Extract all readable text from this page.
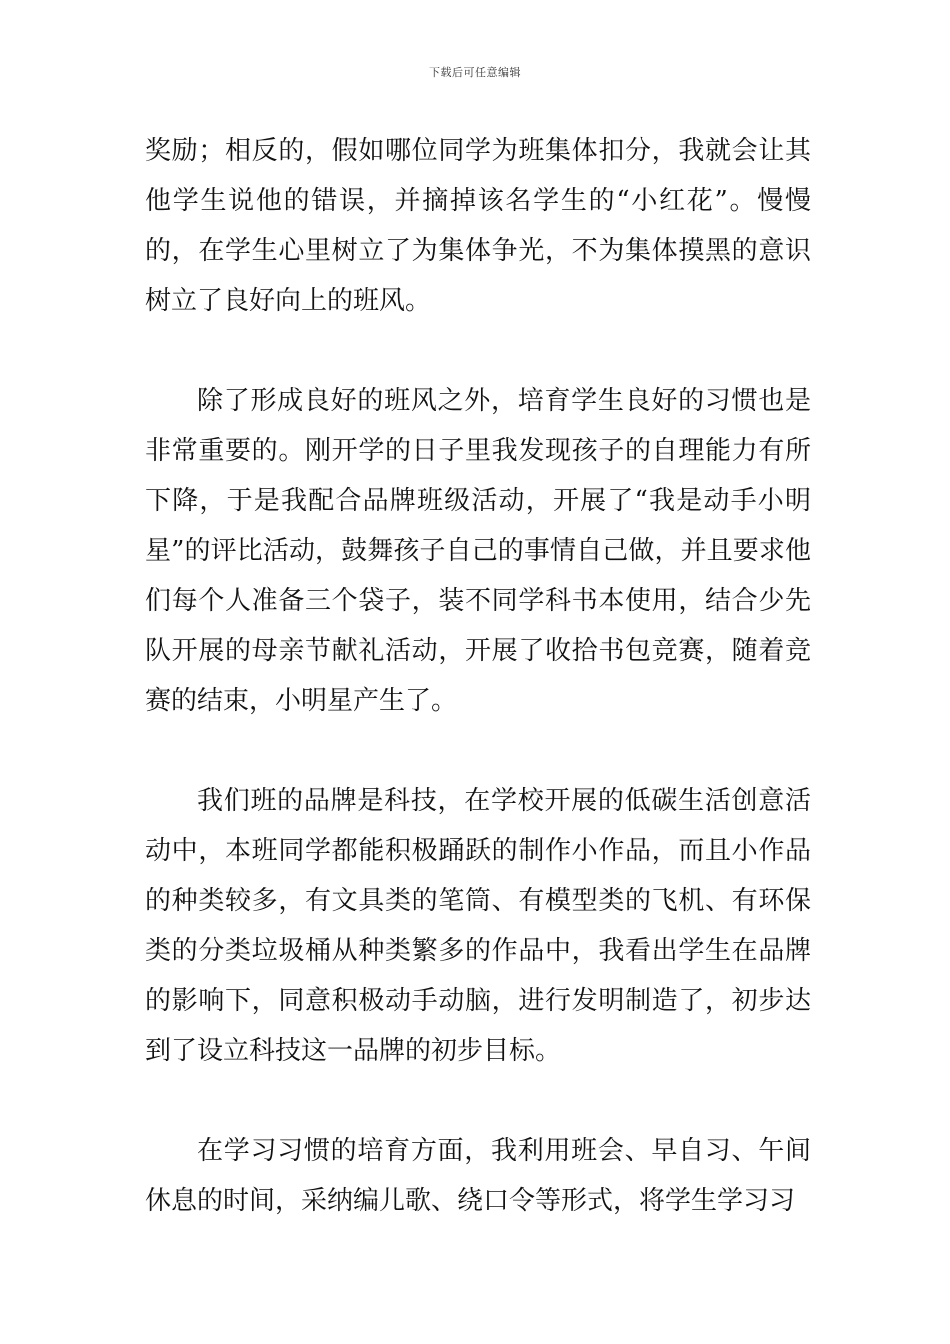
下载后可任意编辑

奖励；相反的，假如哪位同学为班集体扣分，我就会让其他学生说他的错误，并摘掉该名学生的“小红花”。慢慢的，在学生心里树立了为集体争光，不为集体摸黑的意识树立了良好向上的班风。

除了形成良好的班风之外，培育学生良好的习惯也是非常重要的。刚开学的日子里我发现孩子的自理能力有所下降，于是我配合品牌班级活动，开展了“我是动手小明星”的评比活动，鼓舞孩子自己的事情自己做，并且要求他们每个人准备三个袋子，装不同学科书本使用，结合少先队开展的母亲节献礼活动，开展了收拾书包竞赛，随着竞赛的结束，小明星产生了。

我们班的品牌是科技，在学校开展的低碳生活创意活动中，本班同学都能积极踊跃的制作小作品，而且小作品的种类较多，有文具类的笔筒、有模型类的飞机、有环保类的分类垃圾桶从种类繁多的作品中，我看出学生在品牌的影响下，同意积极动手动脑，进行发明制造了，初步达到了设立科技这一品牌的初步目标。

在学习习惯的培育方面，我利用班会、早自习、午间休息的时间，采纳编儿歌、绕口令等形式，将学生学习习
